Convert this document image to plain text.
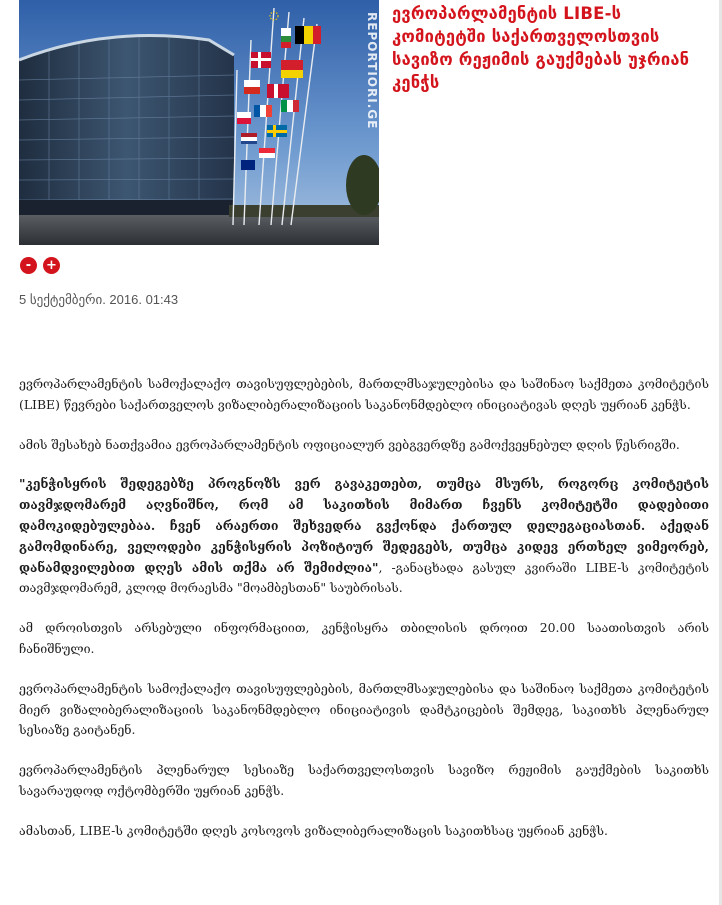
REPORTIORI.GE ევროპარლამენტის LIBE-ს კომიტეტში საქართველოსთვის სავიზო რეჟიმის გაუქმებას უჯრიან კენჭს
-	+
5 სექტემბერი. 2016. 01:43

ევროპარლამენტის სამოქალაქო თავისუფლებების, მართლმსაჯულებისა და საშინაო საქმეთა კომიტეტის (LIBE) წევრები საქართველოს ვიზალიბერალიზაციის საკანონმდებლო ინიციატივას დღეს უყრიან კენჭს.

ამის შესახებ ნათქვამია ევროპარლამენტის ოფიციალურ ვებგვერდზე გამოქვეყნებულ დღის წესრიგში.

"კენჭისყრის შედეგებზე პროგნოზს ვერ გავაკეთებთ, თუმცა მსურს, როგორც კომიტეტის თავმჯდომარემ აღვნიშნო, რომ ამ საკითხის მიმართ ჩვენს კომიტეტში დადებითი დამოკიდებულებაა. ჩვენ არაერთი შეხვედრა გვქონდა ქართულ დელეგაციასთან. აქედან გამომდინარე, ველოდები კენჭისყრის პოზიტიურ შედეგებს, თუმცა კიდევ ერთხელ ვიმეორებ, დანამდვილებით დღეს ამის თქმა არ შემიძლია", -განაცხადა გასულ კვირაში LIBE-ს კომიტეტის თავმჯდომარემ, კლოდ მორაესმა "მოამბესთან" საუბრისას.

ამ დროისთვის არსებული ინფორმაციით, კენჭისყრა თბილისის დროით 20.00 საათისთვის არის ჩანიშნული.

ევროპარლამენტის სამოქალაქო თავისუფლებების, მართლმსაჯულებისა და საშინაო საქმეთა კომიტეტის მიერ ვიზალიბერალიზაციის საკანონმდებლო ინიციატივის დამტკიცების შემდეგ, საკითხს პლენარულ სესიაზე გაიტანენ.

ევროპარლამენტის პლენარულ სესიაზე საქართველოსთვის სავიზო რეჟიმის გაუქმების საკითხს სავარაუდოდ ოქტომბერში უყრიან კენჭს.

ამასთან, LIBE-ს კომიტეტში დღეს კოსოვოს ვიზალიბერალიზაცის საკითხსაც უყრიან კენჭს.
